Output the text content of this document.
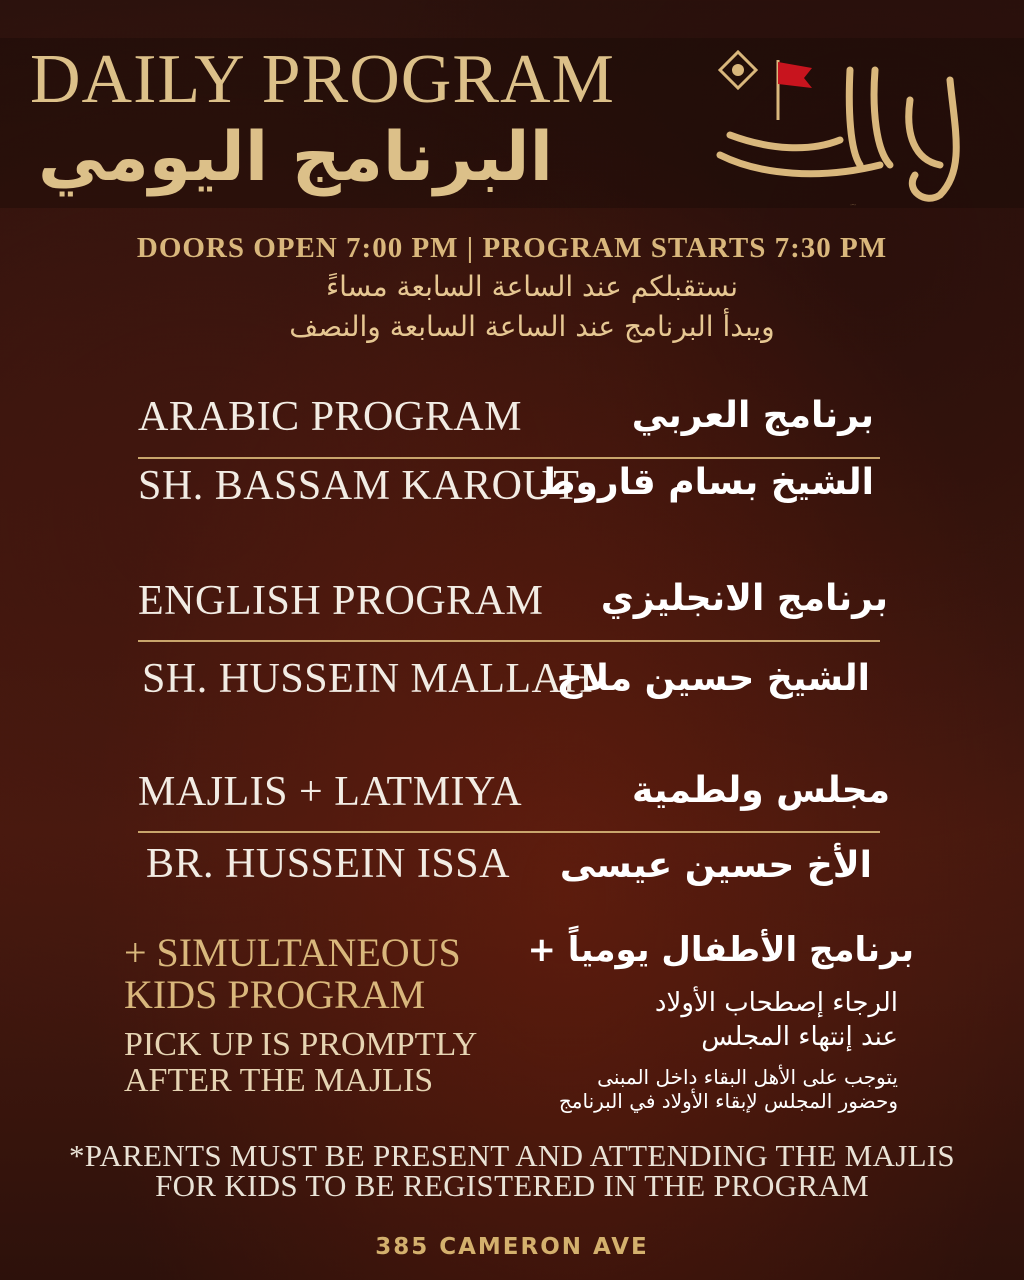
DAILY PROGRAM
البرنامج اليومي
وبشر الصابرين
DOORS OPEN 7:00 PM | PROGRAM STARTS 7:30 PM
نستقبلكم عند الساعة السابعة مساءً
ويبدأ البرنامج عند الساعة السابعة والنصف
ARABIC PROGRAM	برنامج العربي
SH. BASSAM KAROUT
الشيخ بسام قاروط
ENGLISH PROGRAM برنامج الانجليزي
SH. HUSSEIN MALLAH
الشيخ حسين ملاح
MAJLIS + LATMIYA	مجلس ولطمية
BR. HUSSEIN ISSA الأخ حسين عيسى
+ SIMULTANEOUS
KIDS PROGRAM
PICK UP IS PROMPTLY
AFTER THE MAJLIS
+ برنامج الأطفال يومياً
الرجاء إصطحاب الأولاد
عند إنتهاء المجلس
يتوجب على الأهل البقاء داخل المبنى
وحضور المجلس لإبقاء الأولاد في البرنامج
*PARENTS MUST BE PRESENT AND ATTENDING THE MAJLIS
FOR KIDS TO BE REGISTERED IN THE PROGRAM
385 CAMERON AVE
